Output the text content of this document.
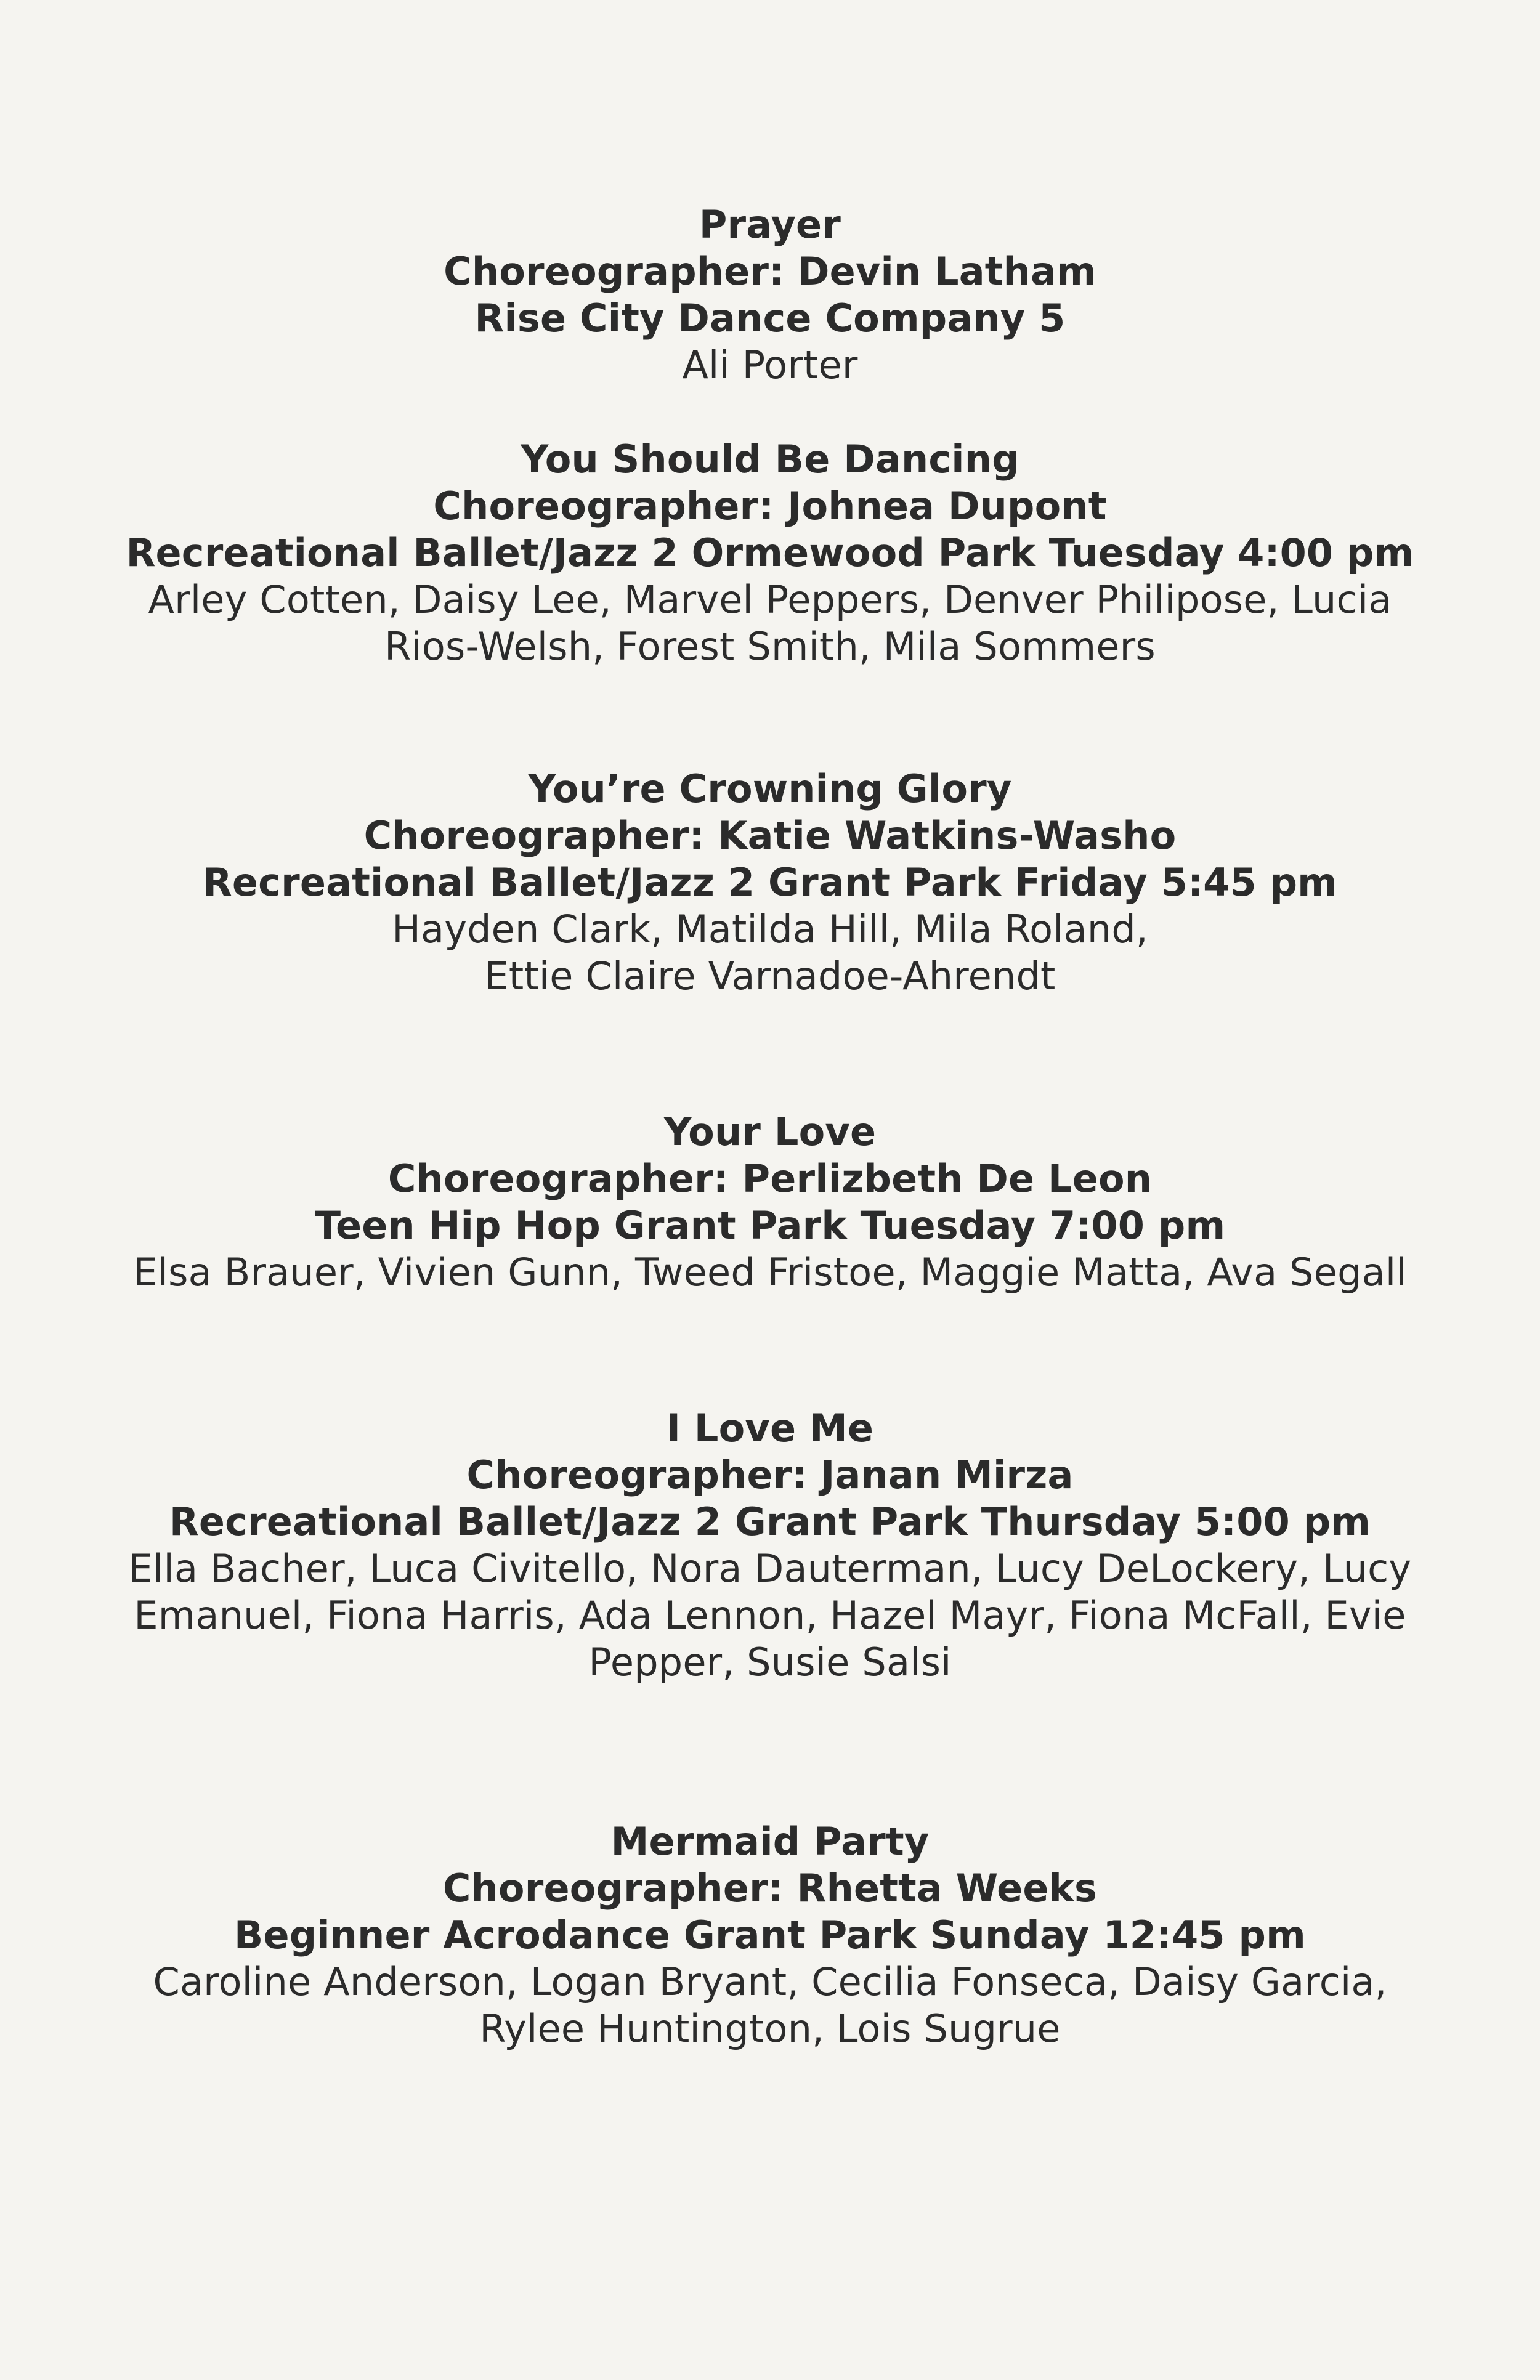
Prayer
Choreographer: Devin Latham
Rise City Dance Company 5
Ali Porter
You Should Be Dancing
Choreographer: Johnea Dupont
Recreational Ballet/Jazz 2 Ormewood Park Tuesday 4:00 pm
Arley Cotten, Daisy Lee, Marvel Peppers, Denver Philipose, Lucia
Rios-Welsh, Forest Smith, Mila Sommers
You’re Crowning Glory
Choreographer: Katie Watkins-Washo
Recreational Ballet/Jazz 2 Grant Park Friday 5:45 pm
Hayden Clark, Matilda Hill, Mila Roland,
Ettie Claire Varnadoe-Ahrendt
Your Love
Choreographer: Perlizbeth De Leon
Teen Hip Hop Grant Park Tuesday 7:00 pm
Elsa Brauer, Vivien Gunn, Tweed Fristoe, Maggie Matta, Ava Segall
I Love Me
Choreographer: Janan Mirza
Recreational Ballet/Jazz 2 Grant Park Thursday 5:00 pm
Ella Bacher, Luca Civitello, Nora Dauterman, Lucy DeLockery, Lucy
Emanuel, Fiona Harris, Ada Lennon, Hazel Mayr, Fiona McFall, Evie
Pepper, Susie Salsi
Mermaid Party
Choreographer: Rhetta Weeks
Beginner Acrodance Grant Park Sunday 12:45 pm
Caroline Anderson, Logan Bryant, Cecilia Fonseca, Daisy Garcia,
Rylee Huntington, Lois Sugrue
